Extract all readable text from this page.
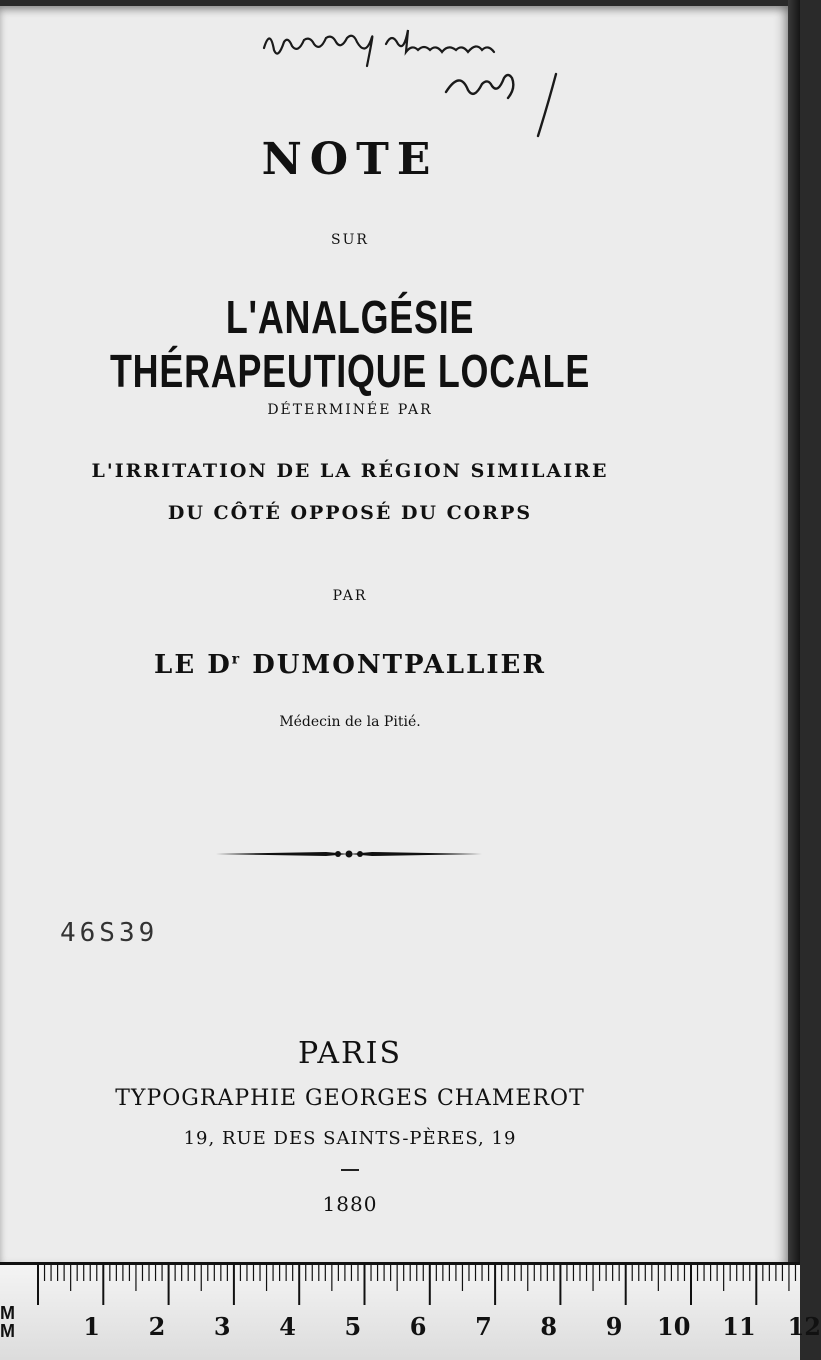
NOTE

SUR

L'ANALGÉSIE THÉRAPEUTIQUE LOCALE

DÉTERMINÉE PAR

L'IRRITATION DE LA RÉGION SIMILAIRE

DU CÔTÉ OPPOSÉ DU CORPS

PAR

LE $D^r$ DUMONTPALLIER

Médecin de la Pitié.

46S39

PARIS

TYPOGRAPHIE GEORGES CHAMEROT

19, RUE DES SAINTS-PÈRES, 19

1880

MM	1 2 3 4 5 6 7 8 9 10 11 12
